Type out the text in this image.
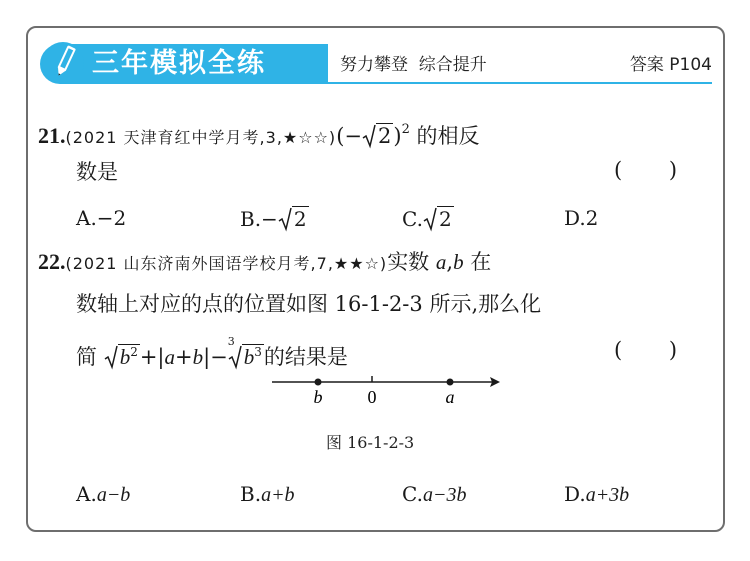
三年模拟全练	努力攀登  综合提升	答案 P104
21.(2021 天津育红中学月考,3,★☆☆)(− 2)$^2$ 的相反
数是	(       )
A.−2	B.− 2	C. 2	D.2
22.(2021 山东济南外国语学校月考,7,★★☆)实数 a,b 在
数轴上对应的点的位置如图 16-1-2-3 所示,那么化
简 $b^2+|a+b|-$
3
$b^3$的结果是	(       )
b	0	a
图 16-1-2-3
A.a−b	B.a+b	C.a−3b	D.a+3b
